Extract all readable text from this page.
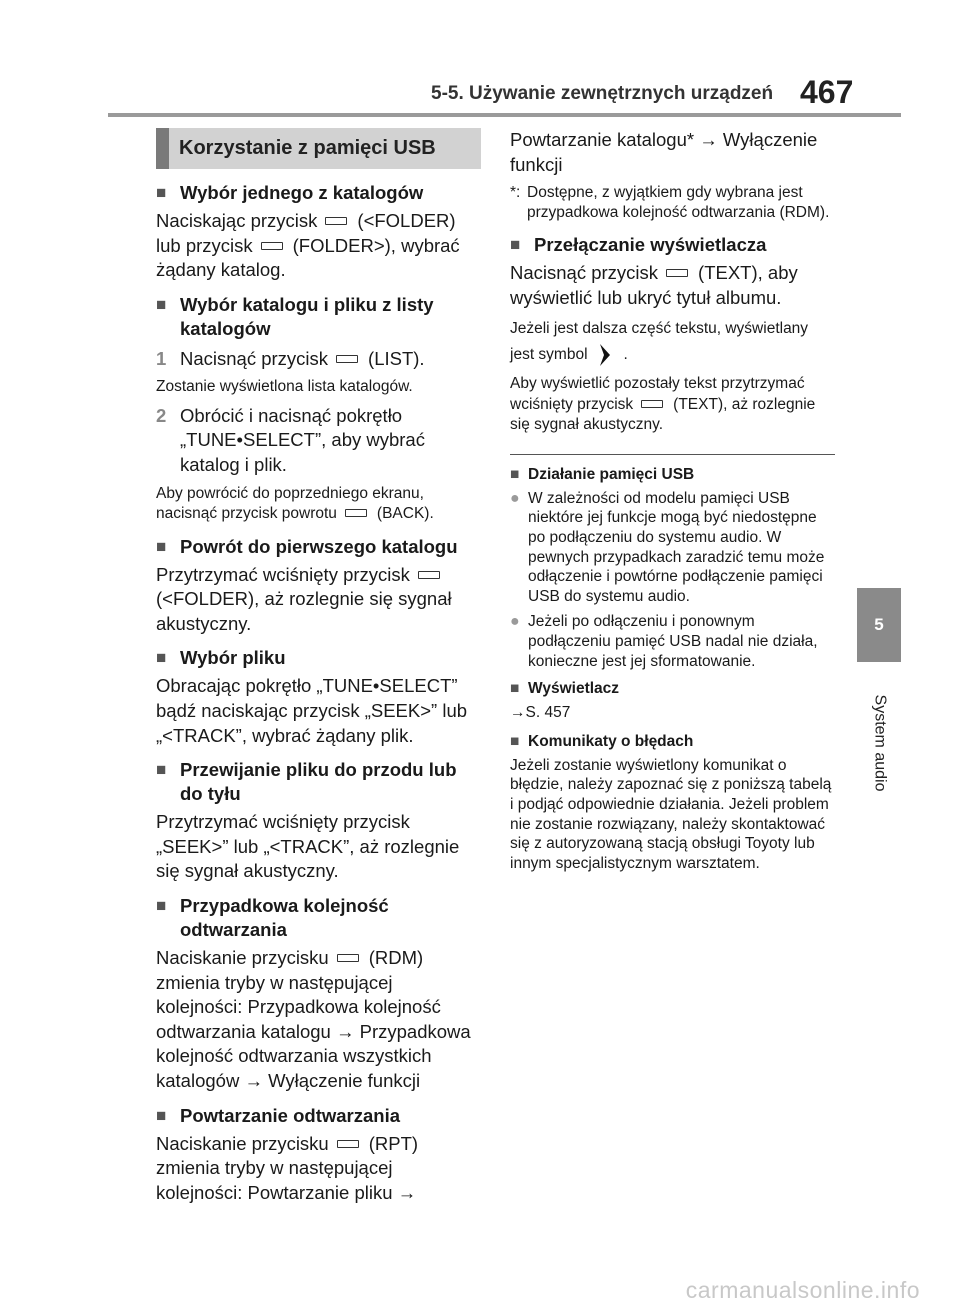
5-5. Używanie zewnętrznych urządzeń 467
5
System audio
Korzystanie z pamięci USB
■ Wybór jednego z katalogów

Naciskając przycisk (<FOLDER) lub przycisk (FOLDER>), wybrać żądany katalog.

■ Wybór katalogu i pliku z listy katalogów
1 Nacisnąć przycisk (LIST).

Zostanie wyświetlona lista katalogów.

2 Obrócić i nacisnąć pokrętło „TUNE•SELECT”, aby wybrać katalog i plik.

Aby powrócić do poprzedniego ekranu, nacisnąć przycisk powrotu	(BACK).

■ Powrót do pierwszego katalogu

Przytrzymać wciśnięty przycisk(<FOLDER), aż rozlegnie się sygnał akustyczny.

■ Wybór pliku

Obracając pokrętło „TUNE•SELECT” bądź naciskając przycisk „SEEK>” lub „<TRACK”, wybrać żądany plik.

■ Przewijanie pliku do przodu lub do tyłu

Przytrzymać wciśnięty przycisk „SEEK>” lub „<TRACK”, aż rozlegnie się sygnał akustyczny.

■ Przypadkowa kolejność odtwarzania

Naciskanie przycisku (RDM) zmienia tryby w następującej kolejności: Przypadkowa kolejność odtwarzania katalogu → Przypadkowa kolejność odtwarzania wszystkich katalogów → Wyłączenie funkcji

■ Powtarzanie odtwarzania

Naciskanie przycisku (RPT) zmienia tryby w następującej kolejności: Powtarzanie pliku →

Powtarzanie katalogu* → Wyłączenie funkcji

*: Dostępne, z wyjątkiem gdy wybrana jest przypadkowa kolejność odtwarzania (RDM).
■ Przełączanie wyświetlacza

Nacisnąć przycisk (TEXT), aby wyświetlić lub ukryć tytuł albumu.

Jeżeli jest dalsza część tekstu, wyświetlany jest symbol .

Aby wyświetlić pozostały tekst przytrzymać wciśnięty przycisk	(TEXT), aż rozlegnie się sygnał akustyczny.

■ Działanie pamięci USB
● W zależności od modelu pamięci USB niektóre jej funkcje mogą być niedostępne po podłączeniu do systemu audio. W pewnych przypadkach zaradzić temu może odłączenie i powtórne podłączenie pamięci USB do systemu audio.
● Jeżeli po odłączeniu i ponownym podłączeniu pamięć USB nadal nie działa, konieczne jest jej sformatowanie.
■ Wyświetlacz

→S. 457

■ Komunikaty o błędach

Jeżeli zostanie wyświetlony komunikat o błędzie, należy zapoznać się z poniższą tabelą i podjąć odpowiednie działania. Jeżeli problem nie zostanie rozwiązany, należy skontaktować się z autoryzowaną stacją obsługi Toyoty lub innym specjalistycznym warsztatem.

carmanualsonline.info
